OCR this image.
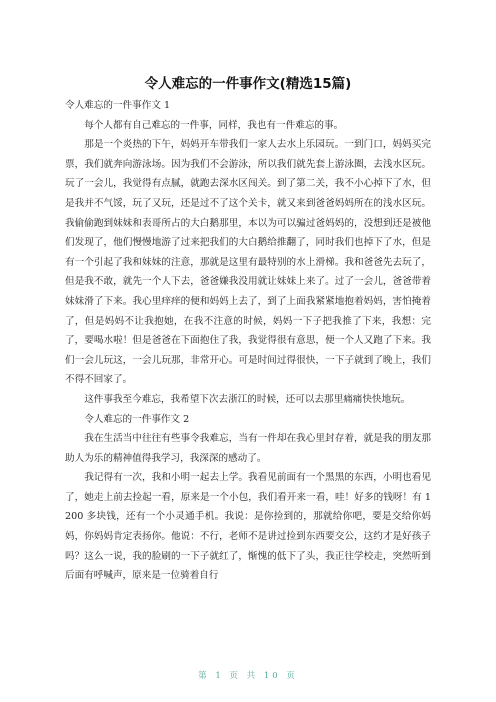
令人难忘的一件事作文(精选15篇)

令人难忘的一件事作文 1

每个人都有自己难忘的一件事，同样，我也有一件难忘的事。

那是一个炎热的下午，妈妈开车带我们一家人去水上乐园玩。一到门口，妈妈买完票，我们就奔向游泳场。因为我们不会游泳，所以我们就先套上游泳圈，去浅水区玩。玩了一会儿，我觉得有点腻，就跑去深水区闯关。到了第二关，我不小心掉下了水，但是我并不气馁，玩了又玩，还是过不了这个关卡，就又来到爸爸妈妈所在的浅水区玩。我偷偷跑到妹妹和表哥所占的大白鹅那里，本以为可以骗过爸妈妈的，没想到还是被他们发现了，他们慢慢地游了过来把我们的大白鹅给推翻了，同时我们也掉下了水，但是有一个引起了我和妹妹的注意，那就是这里有最特别的水上滑梯。我和爸爸先去玩了，但是我不敢，就先一个人下去，爸爸嫌我没用就让妹妹上来了。过了一会儿，爸爸带着妹妹滑了下来。我心里痒痒的便和妈妈上去了，到了上面我紧紧地抱着妈妈，害怕掩着了，但是妈妈不让我抱她，在我不注意的时候，妈妈一下子把我推了下来，我想：完了，要喝水啦！但是爸爸在下面抱住了我，我觉得很有意思，便一个人又跑了下来。我们一会儿玩这，一会儿玩那，非常开心。可是时间过得很快，一下子就到了晚上，我们不得不回家了。

这件事我至今难忘，我希望下次去浙江的时候，还可以去那里痛痛快快地玩。

令人难忘的一件事作文 2

我在生活当中往往有些事令我难忘，当有一件却在我心里封存着，就是我的朋友那助人为乐的精神值得我学习，我深深的感动了。

我记得有一次，我和小明一起去上学。我看见前面有一个黑黑的东西，小明也看见了，她走上前去捡起一看，原来是一个小包，我们看开来一看，哇！好多的钱呀！有 1200 多块钱，还有一个小灵通手机。我说：是你捡到的，那就给你吧，要是交给你妈妈，你妈妈肯定表扬你。他说：不行，老师不是讲过捡到东西要交公，这约才是好孩子吗？这么一说，我的脸刷的一下子就红了，惭愧的低下了头，我正往学校走，突然听到后面有呼喊声，原来是一位骑着自行

第 1 页 共 10 页
